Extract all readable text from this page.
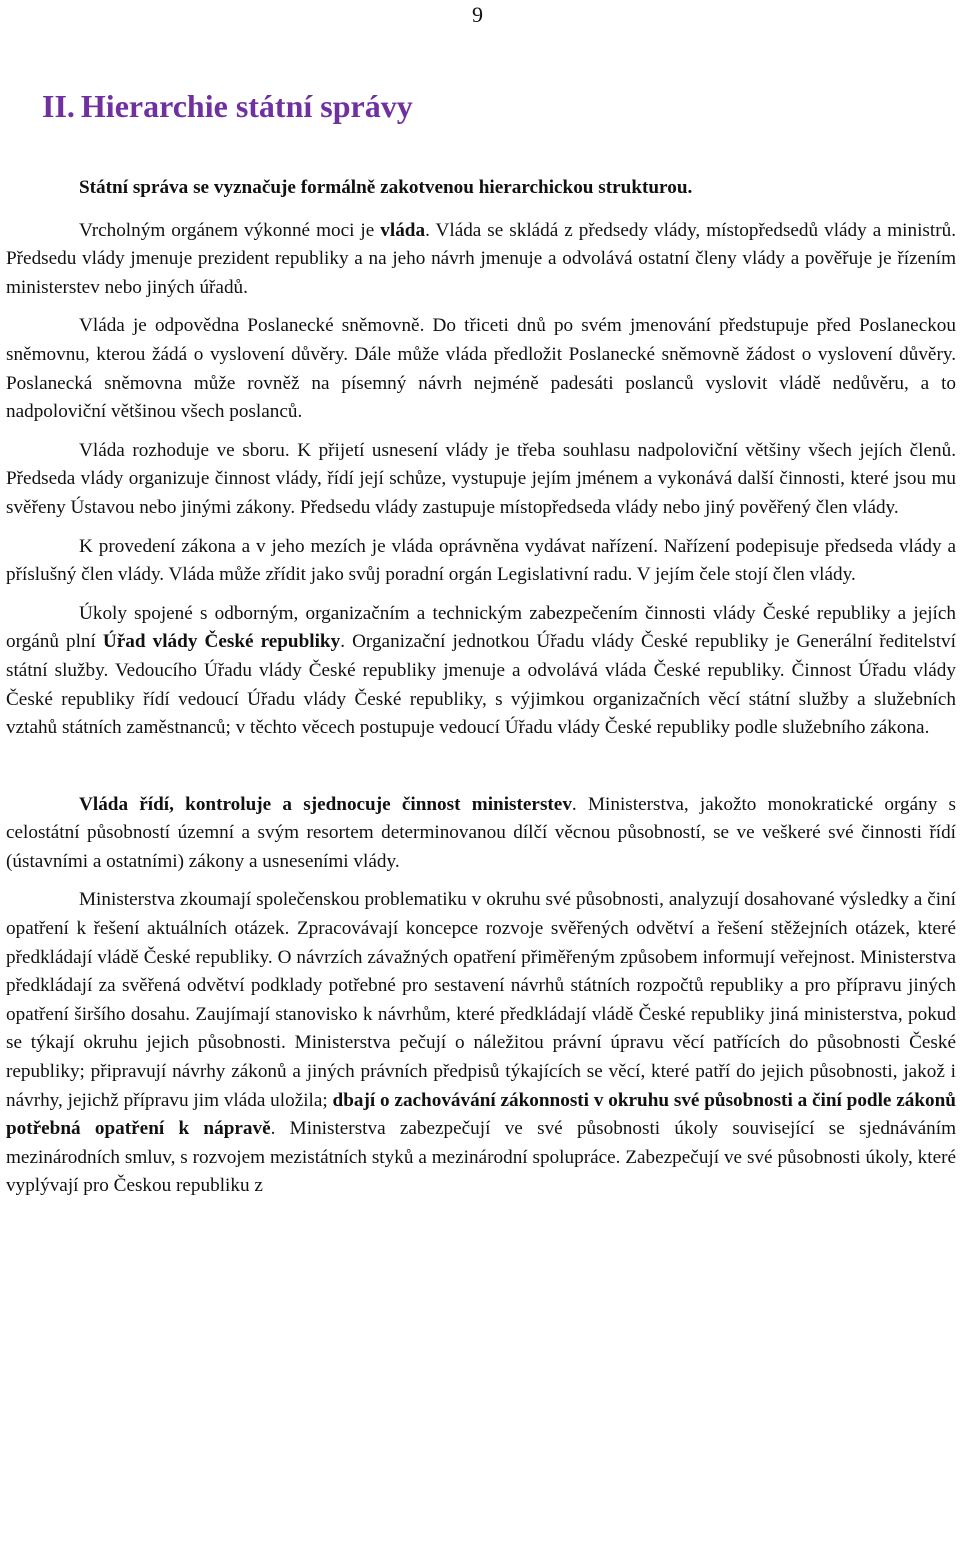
9
II. Hierarchie státní správy

Státní správa se vyznačuje formálně zakotvenou hierarchickou strukturou.

Vrcholným orgánem výkonné moci je vláda. Vláda se skládá z předsedy vlády, místopředsedů vlády a ministrů. Předsedu vlády jmenuje prezident republiky a na jeho návrh jmenuje a odvolává ostatní členy vlády a pověřuje je řízením ministerstev nebo jiných úřadů.

Vláda je odpovědna Poslanecké sněmovně. Do třiceti dnů po svém jmenování předstupuje před Poslaneckou sněmovnu, kterou žádá o vyslovení důvěry. Dále může vláda předložit Poslanecké sněmovně žádost o vyslovení důvěry. Poslanecká sněmovna může rovněž na písemný návrh nejméně padesáti poslanců vyslovit vládě nedůvěru, a to nadpoloviční většinou všech poslanců.

Vláda rozhoduje ve sboru. K přijetí usnesení vlády je třeba souhlasu nadpoloviční většiny všech jejích členů. Předseda vlády organizuje činnost vlády, řídí její schůze, vystupuje jejím jménem a vykonává další činnosti, které jsou mu svěřeny Ústavou nebo jinými zákony. Předsedu vlády zastupuje místopředseda vlády nebo jiný pověřený člen vlády.

K provedení zákona a v jeho mezích je vláda oprávněna vydávat nařízení. Nařízení podepisuje předseda vlády a příslušný člen vlády. Vláda může zřídit jako svůj poradní orgán Legislativní radu. V jejím čele stojí člen vlády.

Úkoly spojené s odborným, organizačním a technickým zabezpečením činnosti vlády České republiky a jejích orgánů plní Úřad vlády České republiky. Organizační jednotkou Úřadu vlády České republiky je Generální ředitelství státní služby. Vedoucího Úřadu vlády České republiky jmenuje a odvolává vláda České republiky. Činnost Úřadu vlády České republiky řídí vedoucí Úřadu vlády České republiky, s výjimkou organizačních věcí státní služby a služebních vztahů státních zaměstnanců; v těchto věcech postupuje vedoucí Úřadu vlády České republiky podle služebního zákona.

Vláda řídí, kontroluje a sjednocuje činnost ministerstev. Ministerstva, jakožto monokratické orgány s celostátní působností územní a svým resortem determinovanou dílčí věcnou působností, se ve veškeré své činnosti řídí (ústavními a ostatními) zákony a usneseními vlády.

Ministerstva zkoumají společenskou problematiku v okruhu své působnosti, analyzují dosahované výsledky a činí opatření k řešení aktuálních otázek. Zpracovávají koncepce rozvoje svěřených odvětví a řešení stěžejních otázek, které předkládají vládě České republiky. O návrzích závažných opatření přiměřeným způsobem informují veřejnost. Ministerstva předkládají za svěřená odvětví podklady potřebné pro sestavení návrhů státních rozpočtů republiky a pro přípravu jiných opatření širšího dosahu. Zaujímají stanovisko k návrhům, které předkládají vládě České republiky jiná ministerstva, pokud se týkají okruhu jejich působnosti. Ministerstva pečují o náležitou právní úpravu věcí patřících do působnosti České republiky; připravují návrhy zákonů a jiných právních předpisů týkajících se věcí, které patří do jejich působnosti, jakož i návrhy, jejichž přípravu jim vláda uložila; dbají o zachovávání zákonnosti v okruhu své působnosti a činí podle zákonů potřebná opatření k nápravě. Ministerstva zabezpečují ve své působnosti úkoly související se sjednáváním mezinárodních smluv, s rozvojem mezistátních styků a mezinárodní spolupráce. Zabezpečují ve své působnosti úkoly, které vyplývají pro Českou republiku z
